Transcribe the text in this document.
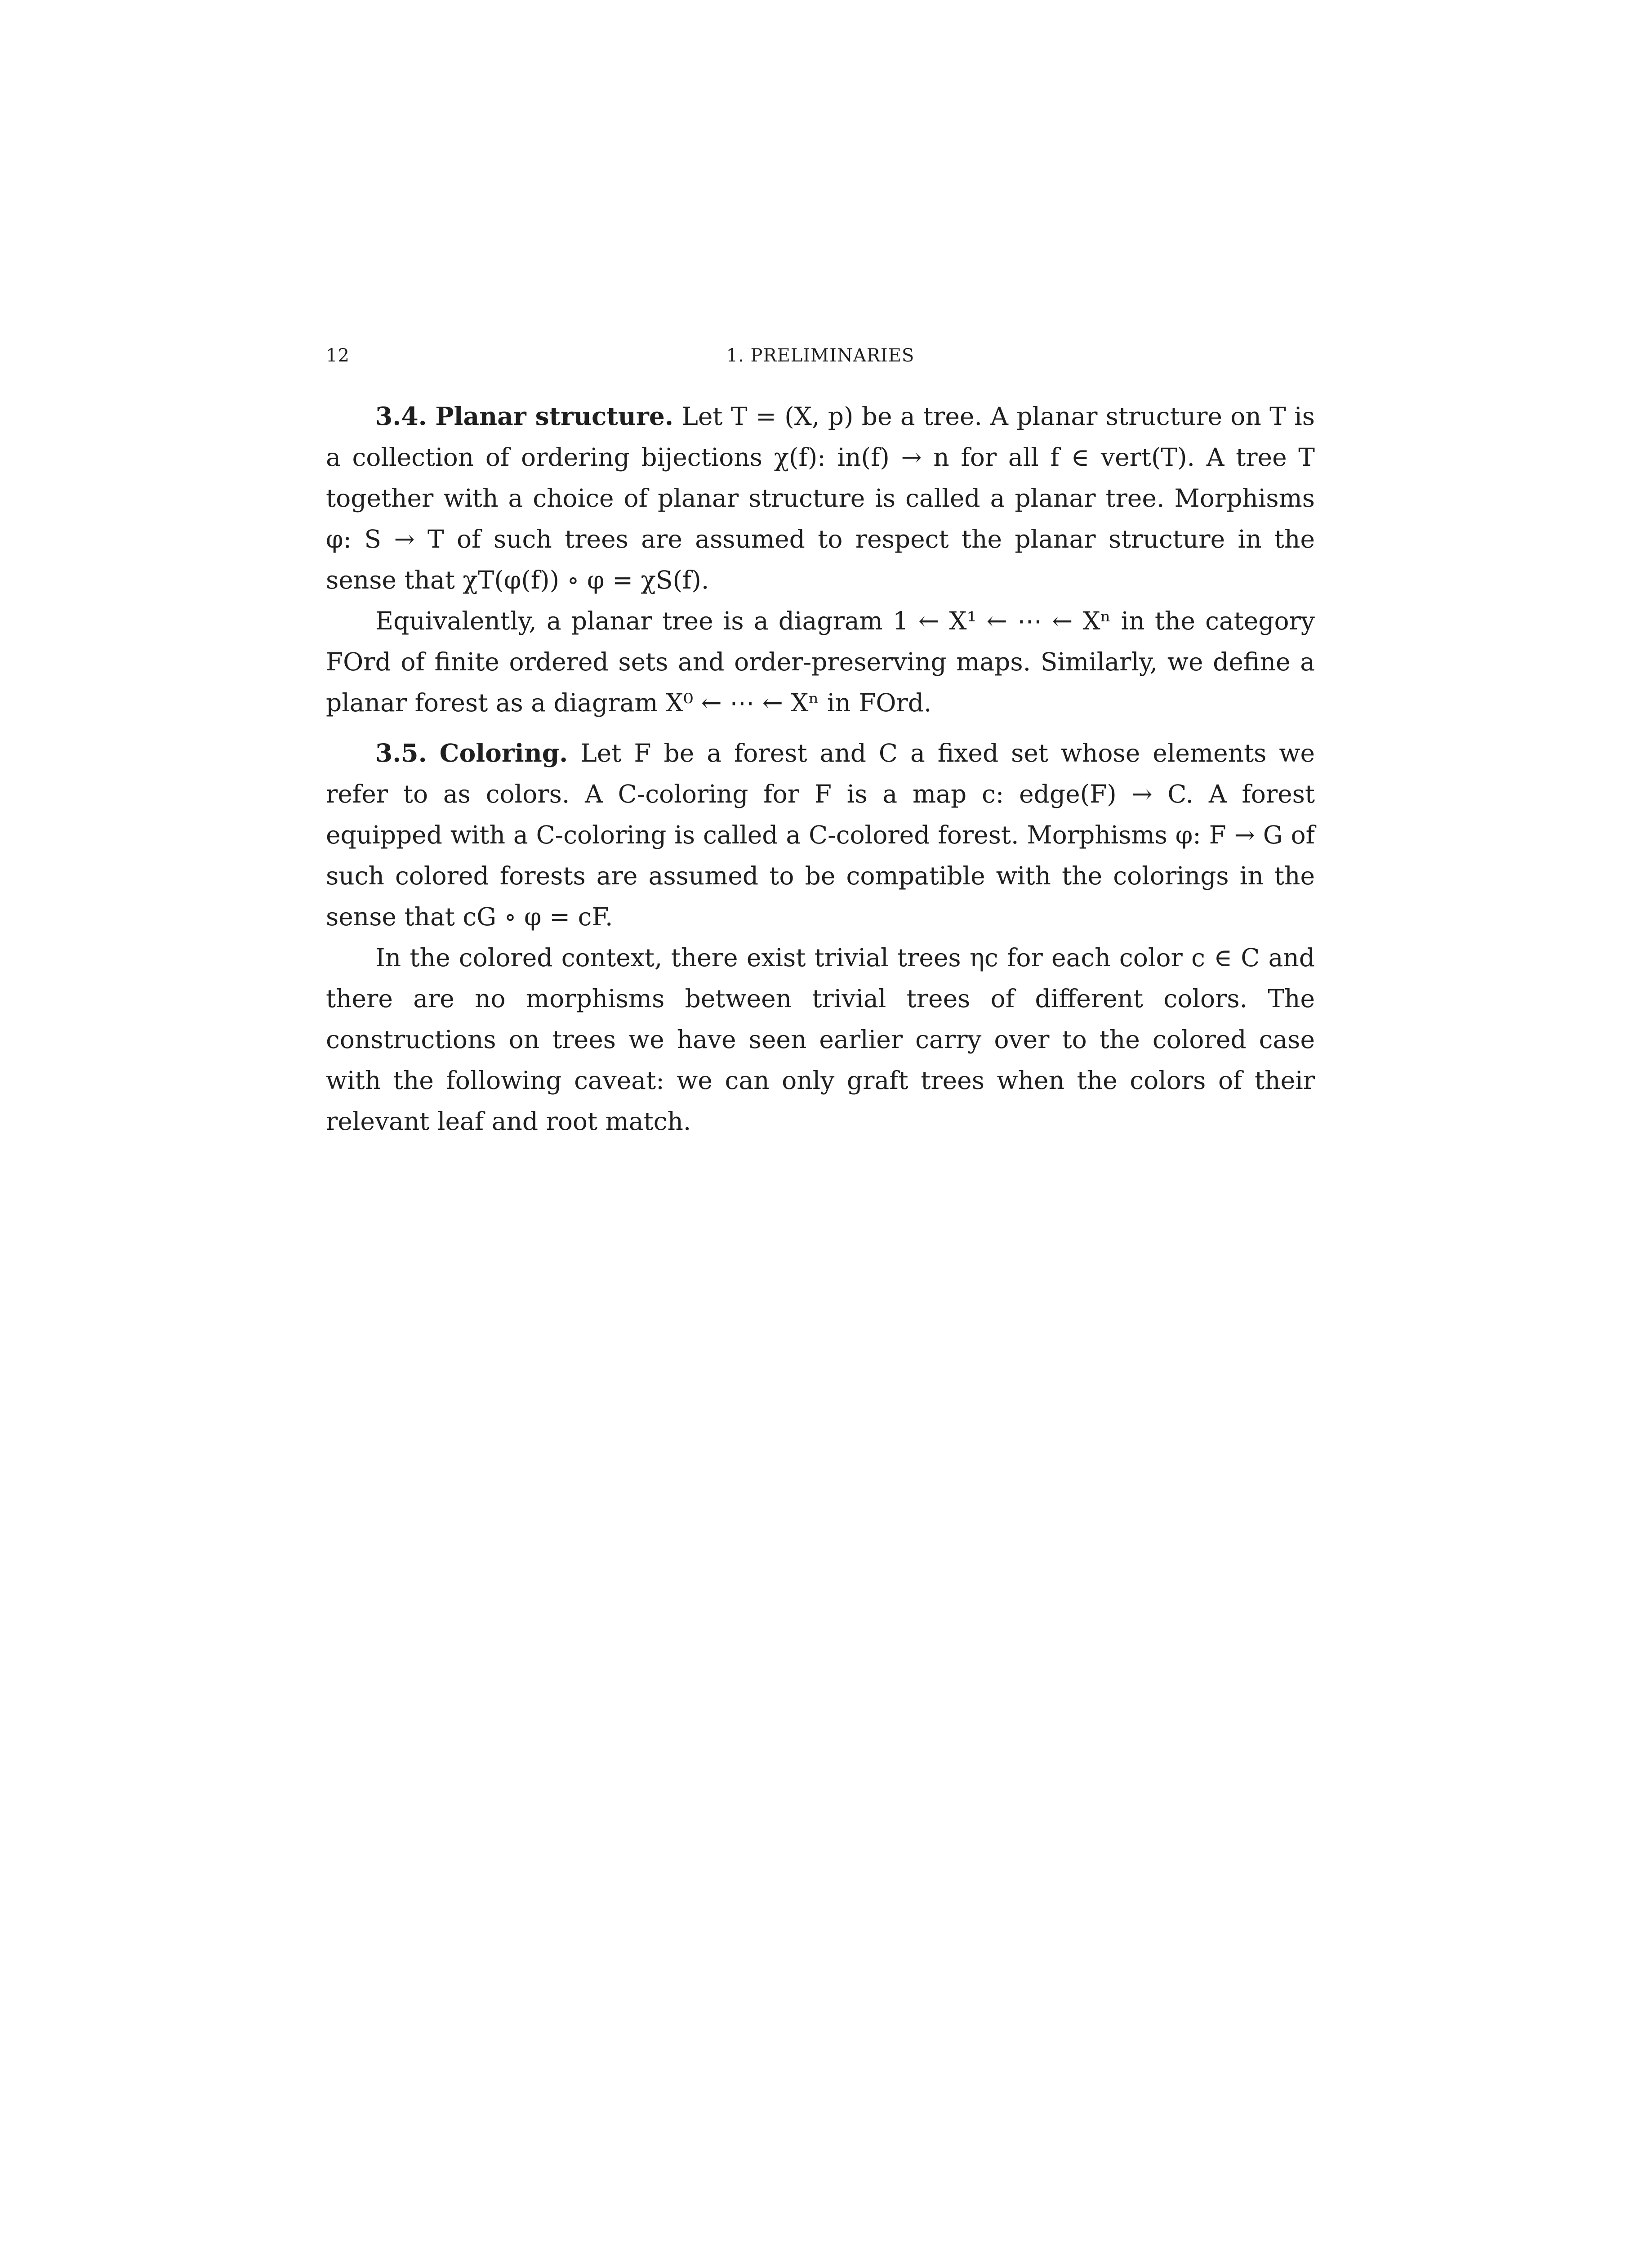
12	1. PRELIMINARIES

3.4. Planar structure. Let T = (X, p) be a tree. A planar structure on T is a collection of ordering bijections χ(f): in(f) → n for all f ∈ vert(T). A tree T together with a choice of planar structure is called a planar tree. Morphisms φ: S → T of such trees are assumed to respect the planar structure in the sense that χT(φ(f)) ∘ φ = χS(f).

Equivalently, a planar tree is a diagram 1 ← X¹ ← ⋯ ← Xⁿ in the category FOrd of finite ordered sets and order-preserving maps. Similarly, we define a planar forest as a diagram X⁰ ← ⋯ ← Xⁿ in FOrd.

3.5. Coloring. Let F be a forest and C a fixed set whose elements we refer to as colors. A C-coloring for F is a map c: edge(F) → C. A forest equipped with a C-coloring is called a C-colored forest. Morphisms φ: F → G of such colored forests are assumed to be compatible with the colorings in the sense that cG ∘ φ = cF.

In the colored context, there exist trivial trees ηc for each color c ∈ C and there are no morphisms between trivial trees of different colors. The constructions on trees we have seen earlier carry over to the colored case with the following caveat: we can only graft trees when the colors of their relevant leaf and root match.
